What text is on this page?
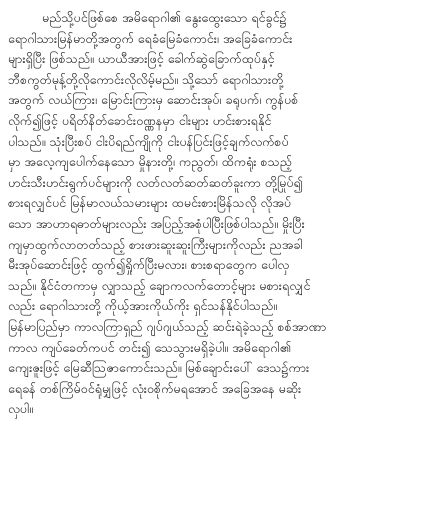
မည်သို့ပင်ဖြစ်စေ အမိရောဂါ၏ နွေးထွေးသော ရင်ခွင်၌
ရောဂါသားမြန်မာတို့အတွက် ရေခံမြေခံကောင်း၊ အခြေခံကောင်း
များရှိပြီး ဖြစ်သည်။ ယာယီအားဖြင့် ခေါက်ဆွဲခြောက်ထုပ်နှင့်
ဘီစကွတ်မုန့်တို့လိုကောင်းလိုလိမ့်မည်။ သို့သော် ရောဂါသားတို့
အတွက် လယ်ကြား၊ မြောင်းကြားမှ ဆောင်းအုပ်၊ ခရုပက်၊ ကွန်ပစ်
လိုက်၍ဖြင့် ပရိတ်နိတ်ခောင်းဝဏ္ဏနမှာ ငါးများ ဟင်းစားရနိုင်
ပါသည်။ သုံးပြီးစပ် ငါးပိရည်ကျိုကို ငါးပန်ပြင်းဖြင့်ချက်လက်စပ်
မှာ အလေ့ကျပေါက်နေသော မှိုနားတို့၊ ကညွတ်၊ ထိကရုံး စသည့်
ဟင်းသီးဟင်းရွက်ပင်များကို လတ်လတ်ဆတ်ဆတ်ခူးကာ တို့မြုပ်၍
စားရလျှင်ပင် မြန်မာလယ်သမားများ ထမင်းစားမြိန်သလို လိုအပ်
သော အာဟာရဓာတ်များလည်း အပြည့်အစုံပါပြီးဖြစ်ပါသည်။ မှိုးပြီး
ကျမှာထွက်လာတတ်သည့် စားဖားဆူးဆူးကြီးများကိုလည်း ညအခါ
မီးအုပ်ဆောင်းဖြင့် ထွက်၍ရှိုက်ပြီးမလား၊ စားစရာတွေက ပေါလှ
သည်။ နိုင်ငံတကာမှ လျှာသည့် ချောကလက်တောင့်များ မစားရလျှင်
လည်း ရောဂါသားတို့ ကိုယ့်အားကိုယ်ကိုး ရှင်သန်နိုင်ပါသည်။
မြန်မာပြည်မှာ ကာလကြာရှည် ဂျပ်ဂျယ်သည့် ဆင်းရဲခဲ့သည့် စစ်အာဏာ
ကာလ ကျပ်ခေတ်ကပင် တင်း၍ သေသွားမရှိခဲ့ပါ။ အမိရောဂါ၏
ကျေးဇူးဖြင့် မြေဆီသြဇာကောင်းသည်။ မြစ်ချောင်းပေါ် ဒေသ၌ကား
ရေခန် တစ်ကြိမ်ဝင်ရုံမျှဖြင့် လုံးဝစိုက်မရအောင် အခြေအနေ မဆိုး
လှပါ။
